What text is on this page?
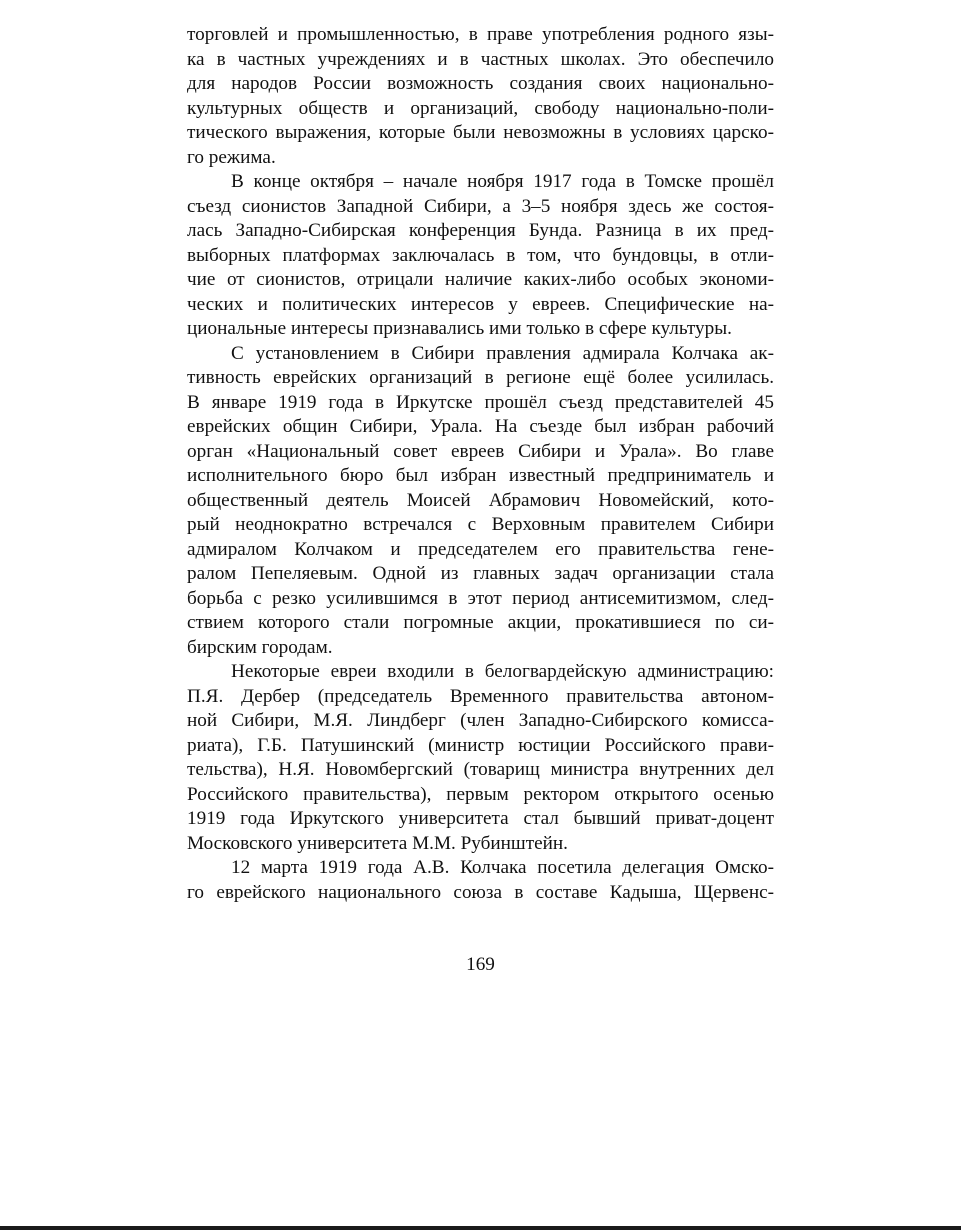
торговлей и промышленностью, в праве употребления родного язы-
ка в частных учреждениях и в частных школах. Это обеспечило
для народов России возможность создания своих национально-
культурных обществ и организаций, свободу национально-поли-
тического выражения, которые были невозможны в условиях царско-
го режима.
В конце октября – начале ноября 1917 года в Томске прошёл
съезд сионистов Западной Сибири, а 3–5 ноября здесь же состоя-
лась Западно-Сибирская конференция Бунда. Разница в их пред-
выборных платформах заключалась в том, что бундовцы, в отли-
чие от сионистов, отрицали наличие каких-либо особых экономи-
ческих и политических интересов у евреев. Специфические на-
циональные интересы признавались ими только в сфере культуры.
С установлением в Сибири правления адмирала Колчака ак-
тивность еврейских организаций в регионе ещё более усилилась.
В январе 1919 года в Иркутске прошёл съезд представителей 45
еврейских общин Сибири, Урала. На съезде был избран рабочий
орган «Национальный совет евреев Сибири и Урала». Во главе
исполнительного бюро был избран известный предприниматель и
общественный деятель Моисей Абрамович Новомейский, кото-
рый неоднократно встречался с Верховным правителем Сибири
адмиралом Колчаком и председателем его правительства гене-
ралом Пепеляевым. Одной из главных задач организации стала
борьба с резко усилившимся в этот период антисемитизмом, след-
ствием которого стали погромные акции, прокатившиеся по си-
бирским городам.
Некоторые евреи входили в белогвардейскую администрацию:
П.Я. Дербер (председатель Временного правительства автоном-
ной Сибири, М.Я. Линдберг (член Западно-Сибирского комисса-
риата), Г.Б. Патушинский (министр юстиции Российского прави-
тельства), Н.Я. Новомбергский (товарищ министра внутренних дел
Российского правительства), первым ректором открытого осенью
1919 года Иркутского университета стал бывший приват-доцент
Московского университета М.М. Рубинштейн.
12 марта 1919 года А.В. Колчака посетила делегация Омско-
го еврейского национального союза в составе Кадыша, Щервенс-
169
